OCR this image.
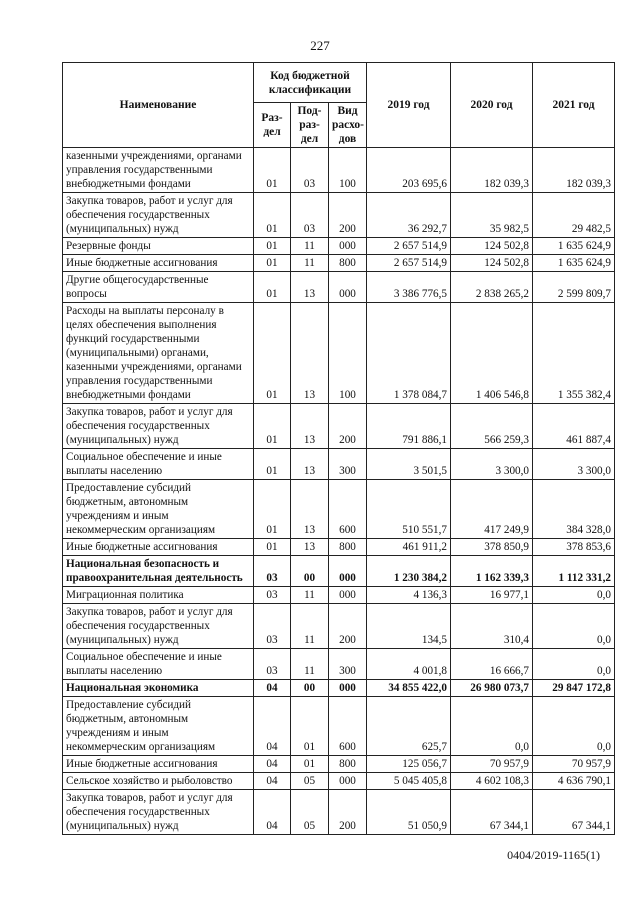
227
Наименование	Код бюджетной классификации			2019 год	2020 год	2021 год
	Раз-дел	Под-раз-дел	Вид расхо-дов			
казенными учреждениями, органами управления государственными внебюджетными фондами	01	03	100	203 695,6	182 039,3	182 039,3
Закупка товаров, работ и услуг для обеспечения государственных (муниципальных) нужд	01	03	200	36 292,7	35 982,5	29 482,5
Резервные фонды	01	11	000	2 657 514,9	124 502,8	1 635 624,9
Иные бюджетные ассигнования	01	11	800	2 657 514,9	124 502,8	1 635 624,9
Другие общегосударственные вопросы	01	13	000	3 386 776,5	2 838 265,2	2 599 809,7
Расходы на выплаты персоналу в целях обеспечения выполнения функций государственными (муниципальными) органами, казенными учреждениями, органами управления государственными внебюджетными фондами	01	13	100	1 378 084,7	1 406 546,8	1 355 382,4
Закупка товаров, работ и услуг для обеспечения государственных (муниципальных) нужд	01	13	200	791 886,1	566 259,3	461 887,4
Социальное обеспечение и иные выплаты населению	01	13	300	3 501,5	3 300,0	3 300,0
Предоставление субсидий бюджетным, автономным учреждениям и иным некоммерческим организациям	01	13	600	510 551,7	417 249,9	384 328,0
Иные бюджетные ассигнования	01	13	800	461 911,2	378 850,9	378 853,6
Национальная безопасность и правоохранительная деятельность	03	00	000	1 230 384,2	1 162 339,3	1 112 331,2
Миграционная политика	03	11	000	4 136,3	16 977,1	0,0
Закупка товаров, работ и услуг для обеспечения государственных (муниципальных) нужд	03	11	200	134,5	310,4	0,0
Социальное обеспечение и иные выплаты населению	03	11	300	4 001,8	16 666,7	0,0
Национальная экономика	04	00	000	34 855 422,0	26 980 073,7	29 847 172,8
Предоставление субсидий бюджетным, автономным учреждениям и иным некоммерческим организациям	04	01	600	625,7	0,0	0,0
Иные бюджетные ассигнования	04	01	800	125 056,7	70 957,9	70 957,9
Сельское хозяйство и рыболовство	04	05	000	5 045 405,8	4 602 108,3	4 636 790,1
Закупка товаров, работ и услуг для обеспечения государственных (муниципальных) нужд	04	05	200	51 050,9	67 344,1	67 344,1
0404/2019-1165(1)
